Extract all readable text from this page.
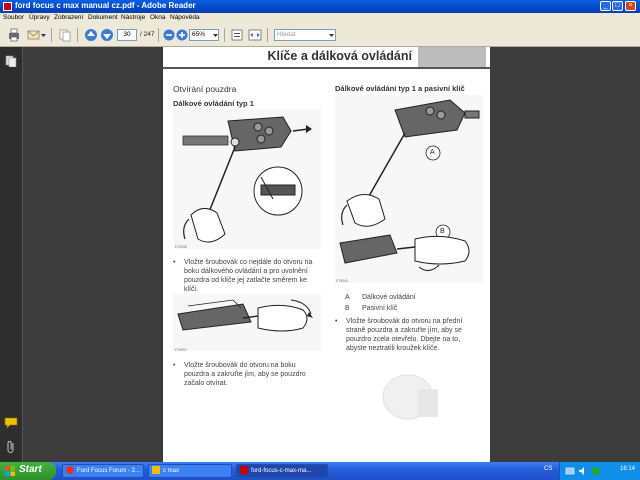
ford focus c max manual cz.pdf - Adobe Reader	_	□	×
Soubor Úpravy Zobrazení Dokument Nástroje Okna Nápověda
30	/ 247	65%	Hledat
Klíče a dálková ovládání
Otvírání pouzdra
Dálkové ovládání typ 1
E75058
• Vložte šroubovák co nejdále do otvoru na boku dálkového ovládání a pro uvolnění pouzdra od klíče jej zatlačte směrem ke klíči.
E75057
• Vložte šroubovák do otvoru na boku pouzdra a zakruťte jím, aby se pouzdro začalo otvírat.
Dálkové ovládání typ 1 a pasivní klíč
A
B
E79040
A Dálkové ovládání
B Pasivní klíč
• Vložte šroubovák do otvoru na přední straně pouzdra a zakruťte jím, aby se pouzdro zcela otevřelo. Dbejte na to, abyste neztratili kroužek klíče.
Start	Ford Focus Forum - 2...	c max	ford-focus-c-max-ma...	CS	16:14
